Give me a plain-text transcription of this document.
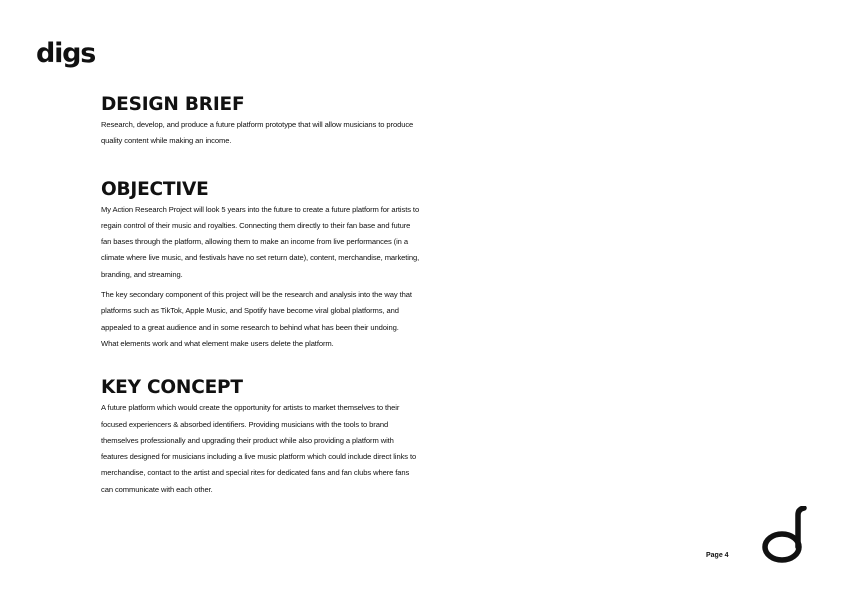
digs
DESIGN BRIEF

Research, develop, and produce a future platform prototype that will allow musicians to produce
quality content while making an income.

OBJECTIVE

My Action Research Project will look 5 years into the future to create a future platform for artists to
regain control of their music and royalties. Connecting them directly to their fan base and future
fan bases through the platform, allowing them to make an income from live performances (in a
climate where live music, and festivals have no set return date), content, merchandise, marketing,
branding, and streaming.

The key secondary component of this project will be the research and analysis into the way that
platforms such as TikTok, Apple Music, and Spotify have become viral global platforms, and
appealed to a great audience and in some research to behind what has been their undoing.
What elements work and what element make users delete the platform.

KEY CONCEPT

A future platform which would create the opportunity for artists to market themselves to their
focused experiencers & absorbed identifiers. Providing musicians with the tools to brand
themselves professionally and upgrading their product while also providing a platform with
features designed for musicians including a live music platform which could include direct links to
merchandise, contact to the artist and special rites for dedicated fans and fan clubs where fans
can communicate with each other.

Page 4
